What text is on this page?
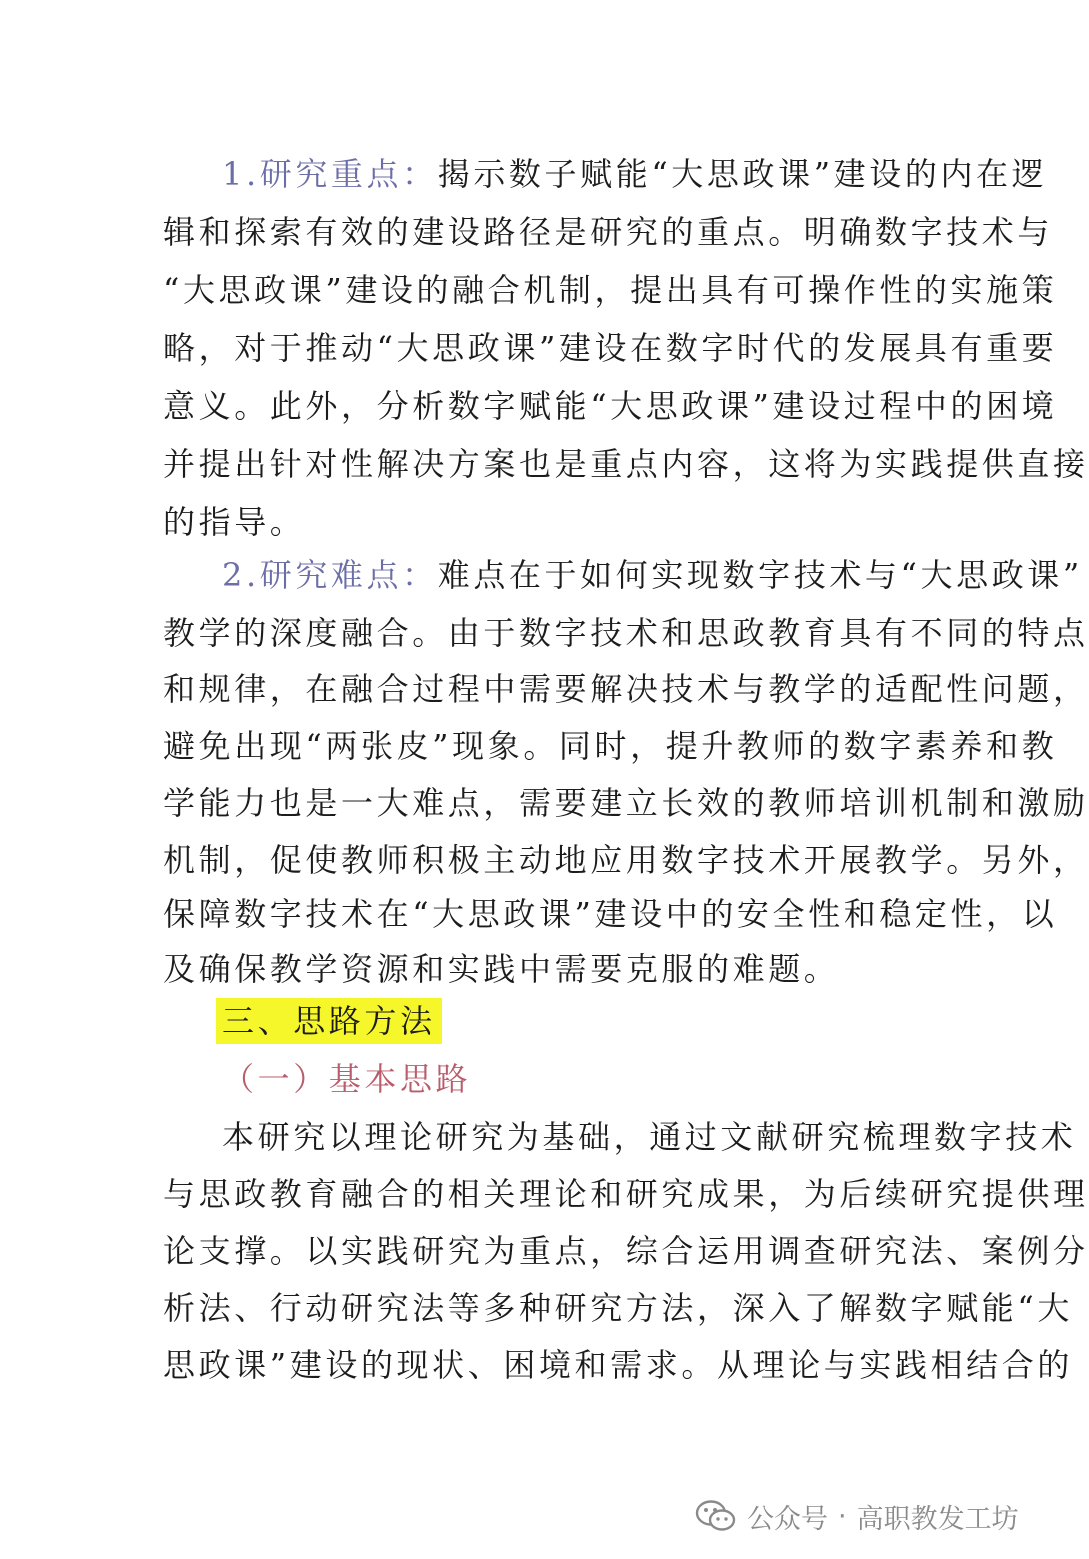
1.研究重点：揭示数子赋能“大思政课”建设的内在逻
辑和探索有效的建设路径是研究的重点。明确数字技术与
“大思政课”建设的融合机制，提出具有可操作性的实施策
略，对于推动“大思政课”建设在数字时代的发展具有重要
意义。此外，分析数字赋能“大思政课”建设过程中的困境
并提出针对性解决方案也是重点内容，这将为实践提供直接
的指导。
2.研究难点：难点在于如何实现数字技术与“大思政课”
教学的深度融合。由于数字技术和思政教育具有不同的特点
和规律，在融合过程中需要解决技术与教学的适配性问题，
避免出现“两张皮”现象。同时，提升教师的数字素养和教
学能力也是一大难点，需要建立长效的教师培训机制和激励
机制，促使教师积极主动地应用数字技术开展教学。另外，
保障数字技术在“大思政课”建设中的安全性和稳定性，以
及确保教学资源和实践中需要克服的难题。
三、思路方法
（一）基本思路
本研究以理论研究为基础，通过文献研究梳理数字技术
与思政教育融合的相关理论和研究成果，为后续研究提供理
论支撑。以实践研究为重点，综合运用调查研究法、案例分
析法、行动研究法等多种研究方法，深入了解数字赋能“大
思政课”建设的现状、困境和需求。从理论与实践相结合的
公众号 · 高职教发工坊
